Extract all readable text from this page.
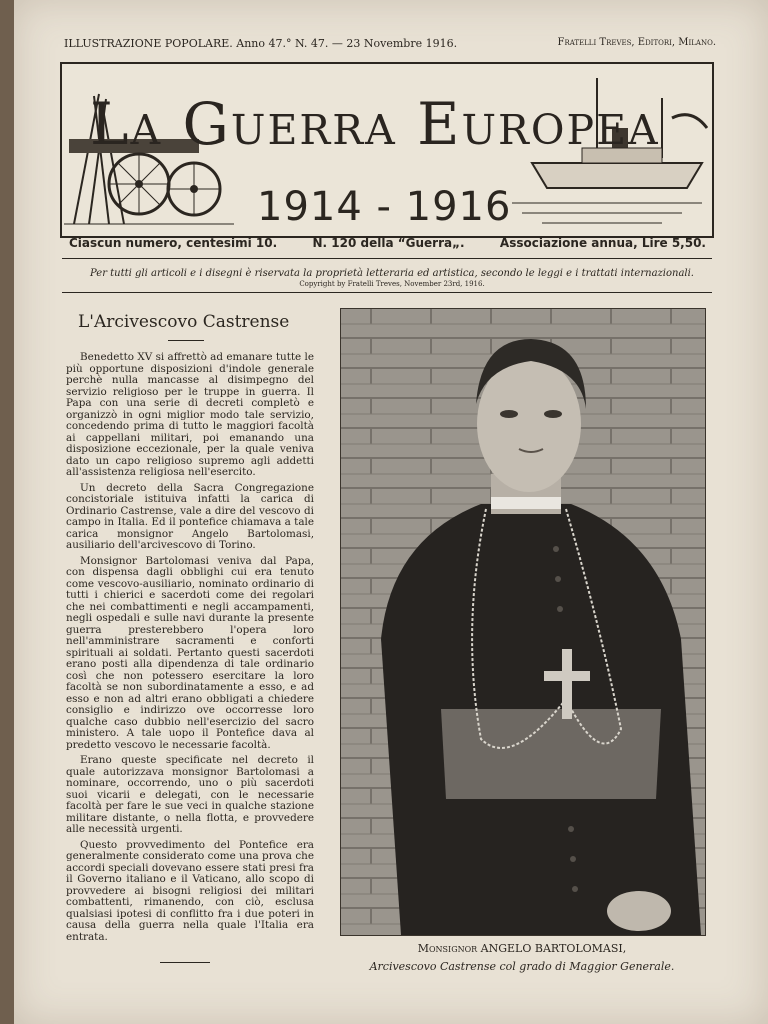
ILLUSTRAZIONE POPOLARE. Anno 47.° N. 47. — 23 Novembre 1916.	Fratelli Treves, Editori, Milano.
La Guerra Europea
1914 - 1916
Ciascun numero, centesimi 10.	N. 120 della “Guerra„.	Associazione annua, Lire 5,50.
Per tutti gli articoli e i disegni è riservata la proprietà letteraria ed artistica, secondo le leggi e i trattati internazionali.
Copyright by Fratelli Treves, November 23rd, 1916.
L'Arcivescovo Castrense

Benedetto XV si affrettò ad emanare tutte le più opportune disposizioni d'indole generale perchè nulla mancasse al disimpegno del servizio religioso per le truppe in guerra. Il Papa con una serie di decreti completò e organizzò in ogni miglior modo tale servizio, concedendo prima di tutto le maggiori facoltà ai cappellani militari, poi emanando una disposizione eccezionale, per la quale veniva dato un capo religioso supremo agli addetti all'assistenza religiosa nell'esercito.

Un decreto della Sacra Congregazione concistoriale istituiva infatti la carica di Ordinario Castrense, vale a dire del vescovo di campo in Italia. Ed il pontefice chiamava a tale carica monsignor Angelo Bartolomasi, ausiliario dell'arcivescovo di Torino.

Monsignor Bartolomasi veniva dal Papa, con dispensa dagli obblighi cui era tenuto come vescovo-ausiliario, nominato ordinario di tutti i chierici e sacerdoti come dei regolari che nei combattimenti e negli accampamenti, negli ospedali e sulle navi durante la presente guerra presterebbero l'opera loro nell'amministrare sacramenti e conforti spirituali ai soldati. Pertanto questi sacerdoti erano posti alla dipendenza di tale ordinario così che non potessero esercitare la loro facoltà se non subordinatamente a esso, e ad esso e non ad altri erano obbligati a chiedere consiglio e indirizzo ove occorresse loro qualche caso dubbio nell'esercizio del sacro ministero. A tale uopo il Pontefice dava al predetto vescovo le necessarie facoltà.

Erano queste specificate nel decreto il quale autorizzava monsignor Bartolomasi a nominare, occorrendo, uno o più sacerdoti suoi vicarii e delegati, con le necessarie facoltà per fare le sue veci in qualche stazione militare distante, o nella flotta, e provvedere alle necessità urgenti.

Questo provvedimento del Pontefice era generalmente considerato come una prova che accordi speciali dovevano essere stati presi fra il Governo italiano e il Vaticano, allo scopo di provvedere ai bisogni religiosi dei militari combattenti, rimanendo, con ciò, esclusa qualsiasi ipotesi di conflitto fra i due poteri in causa della guerra nella quale l'Italia era entrata.

Monsignor ANGELO BARTOLOMASI,
Arcivescovo Castrense col grado di Maggior Generale.
